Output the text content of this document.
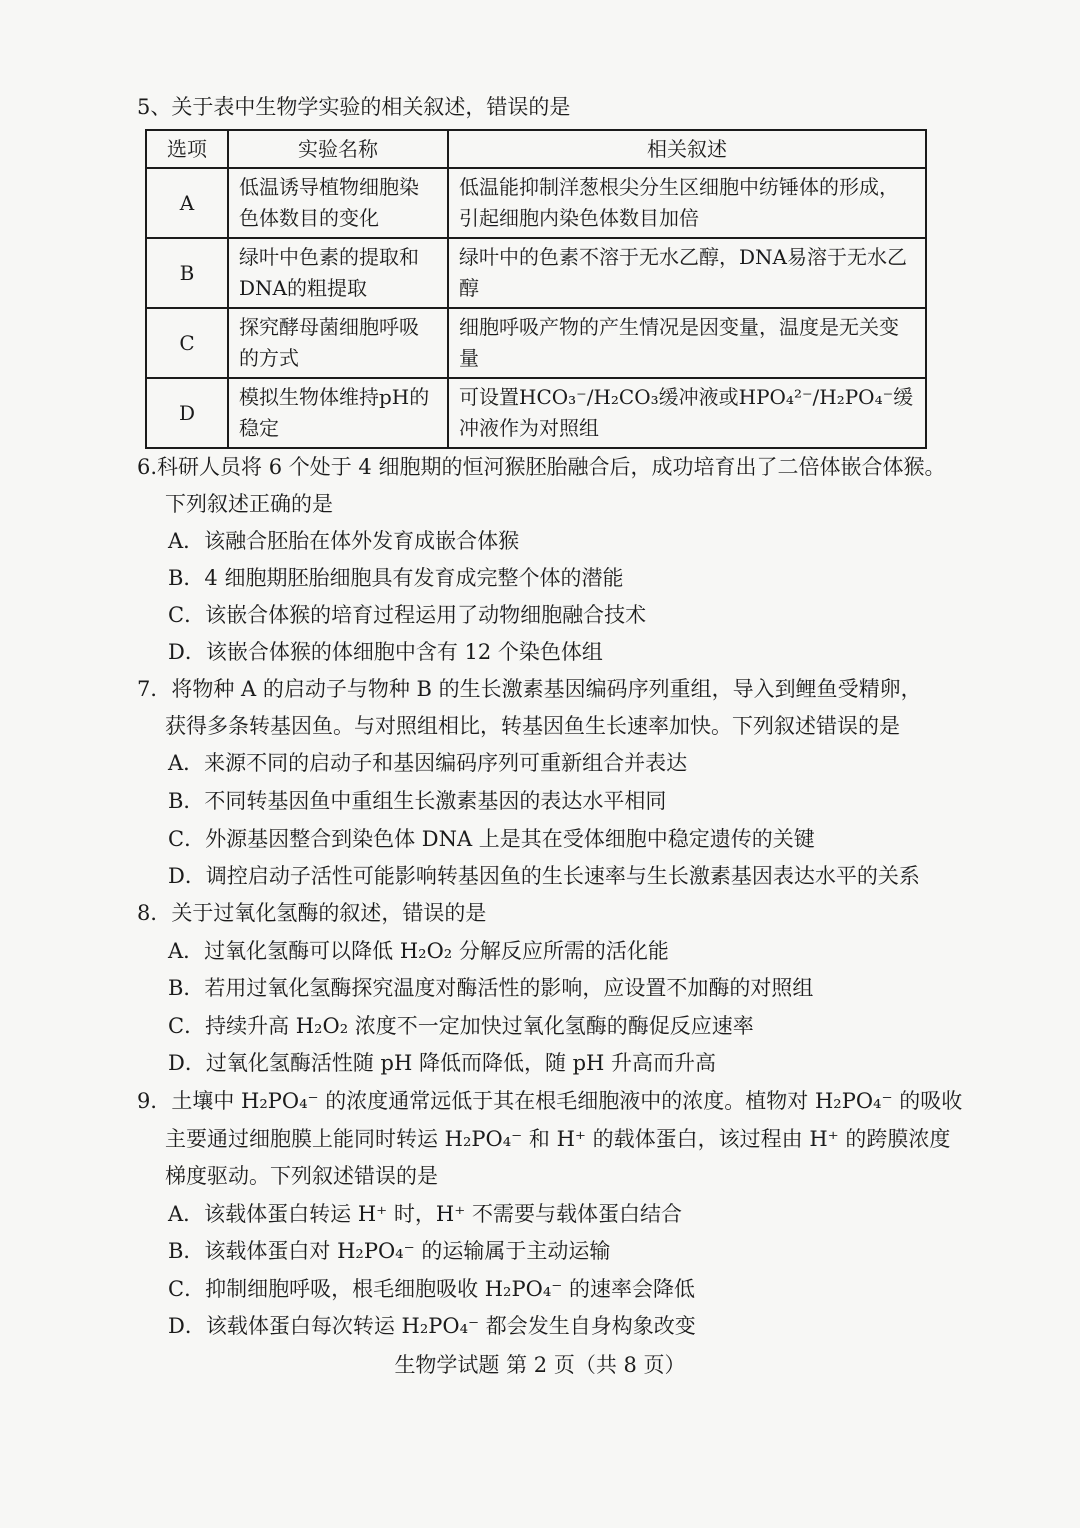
5、关于表中生物学实验的相关叙述，错误的是
选项	实验名称	相关叙述
A	低温诱导植物细胞染色体数目的变化	低温能抑制洋葱根尖分生区细胞中纺锤体的形成，引起细胞内染色体数目加倍
B	绿叶中色素的提取和DNA的粗提取	绿叶中的色素不溶于无水乙醇，DNA易溶于无水乙醇
C	探究酵母菌细胞呼吸的方式	细胞呼吸产物的产生情况是因变量，温度是无关变量
D	模拟生物体维持pH的稳定	可设置HCO₃⁻/H₂CO₃缓冲液或HPO₄²⁻/H₂PO₄⁻缓冲液作为对照组
6.科研人员将 6 个处于 4 细胞期的恒河猴胚胎融合后，成功培育出了二倍体嵌合体猴。
下列叙述正确的是
A．该融合胚胎在体外发育成嵌合体猴
B．4 细胞期胚胎细胞具有发育成完整个体的潜能
C．该嵌合体猴的培育过程运用了动物细胞融合技术
D．该嵌合体猴的体细胞中含有 12 个染色体组
7．将物种 A 的启动子与物种 B 的生长激素基因编码序列重组，导入到鲤鱼受精卵，
获得多条转基因鱼。与对照组相比，转基因鱼生长速率加快。下列叙述错误的是
A．来源不同的启动子和基因编码序列可重新组合并表达
B．不同转基因鱼中重组生长激素基因的表达水平相同
C．外源基因整合到染色体 DNA 上是其在受体细胞中稳定遗传的关键
D．调控启动子活性可能影响转基因鱼的生长速率与生长激素基因表达水平的关系
8．关于过氧化氢酶的叙述，错误的是
A．过氧化氢酶可以降低 H₂O₂ 分解反应所需的活化能
B．若用过氧化氢酶探究温度对酶活性的影响，应设置不加酶的对照组
C．持续升高 H₂O₂ 浓度不一定加快过氧化氢酶的酶促反应速率
D．过氧化氢酶活性随 pH 降低而降低，随 pH 升高而升高
9．土壤中 H₂PO₄⁻ 的浓度通常远低于其在根毛细胞液中的浓度。植物对 H₂PO₄⁻ 的吸收
主要通过细胞膜上能同时转运 H₂PO₄⁻ 和 H⁺ 的载体蛋白，该过程由 H⁺ 的跨膜浓度
梯度驱动。下列叙述错误的是
A．该载体蛋白转运 H⁺ 时，H⁺ 不需要与载体蛋白结合
B．该载体蛋白对 H₂PO₄⁻ 的运输属于主动运输
C．抑制细胞呼吸，根毛细胞吸收 H₂PO₄⁻ 的速率会降低
D．该载体蛋白每次转运 H₂PO₄⁻ 都会发生自身构象改变
生物学试题 第 2 页（共 8 页）
